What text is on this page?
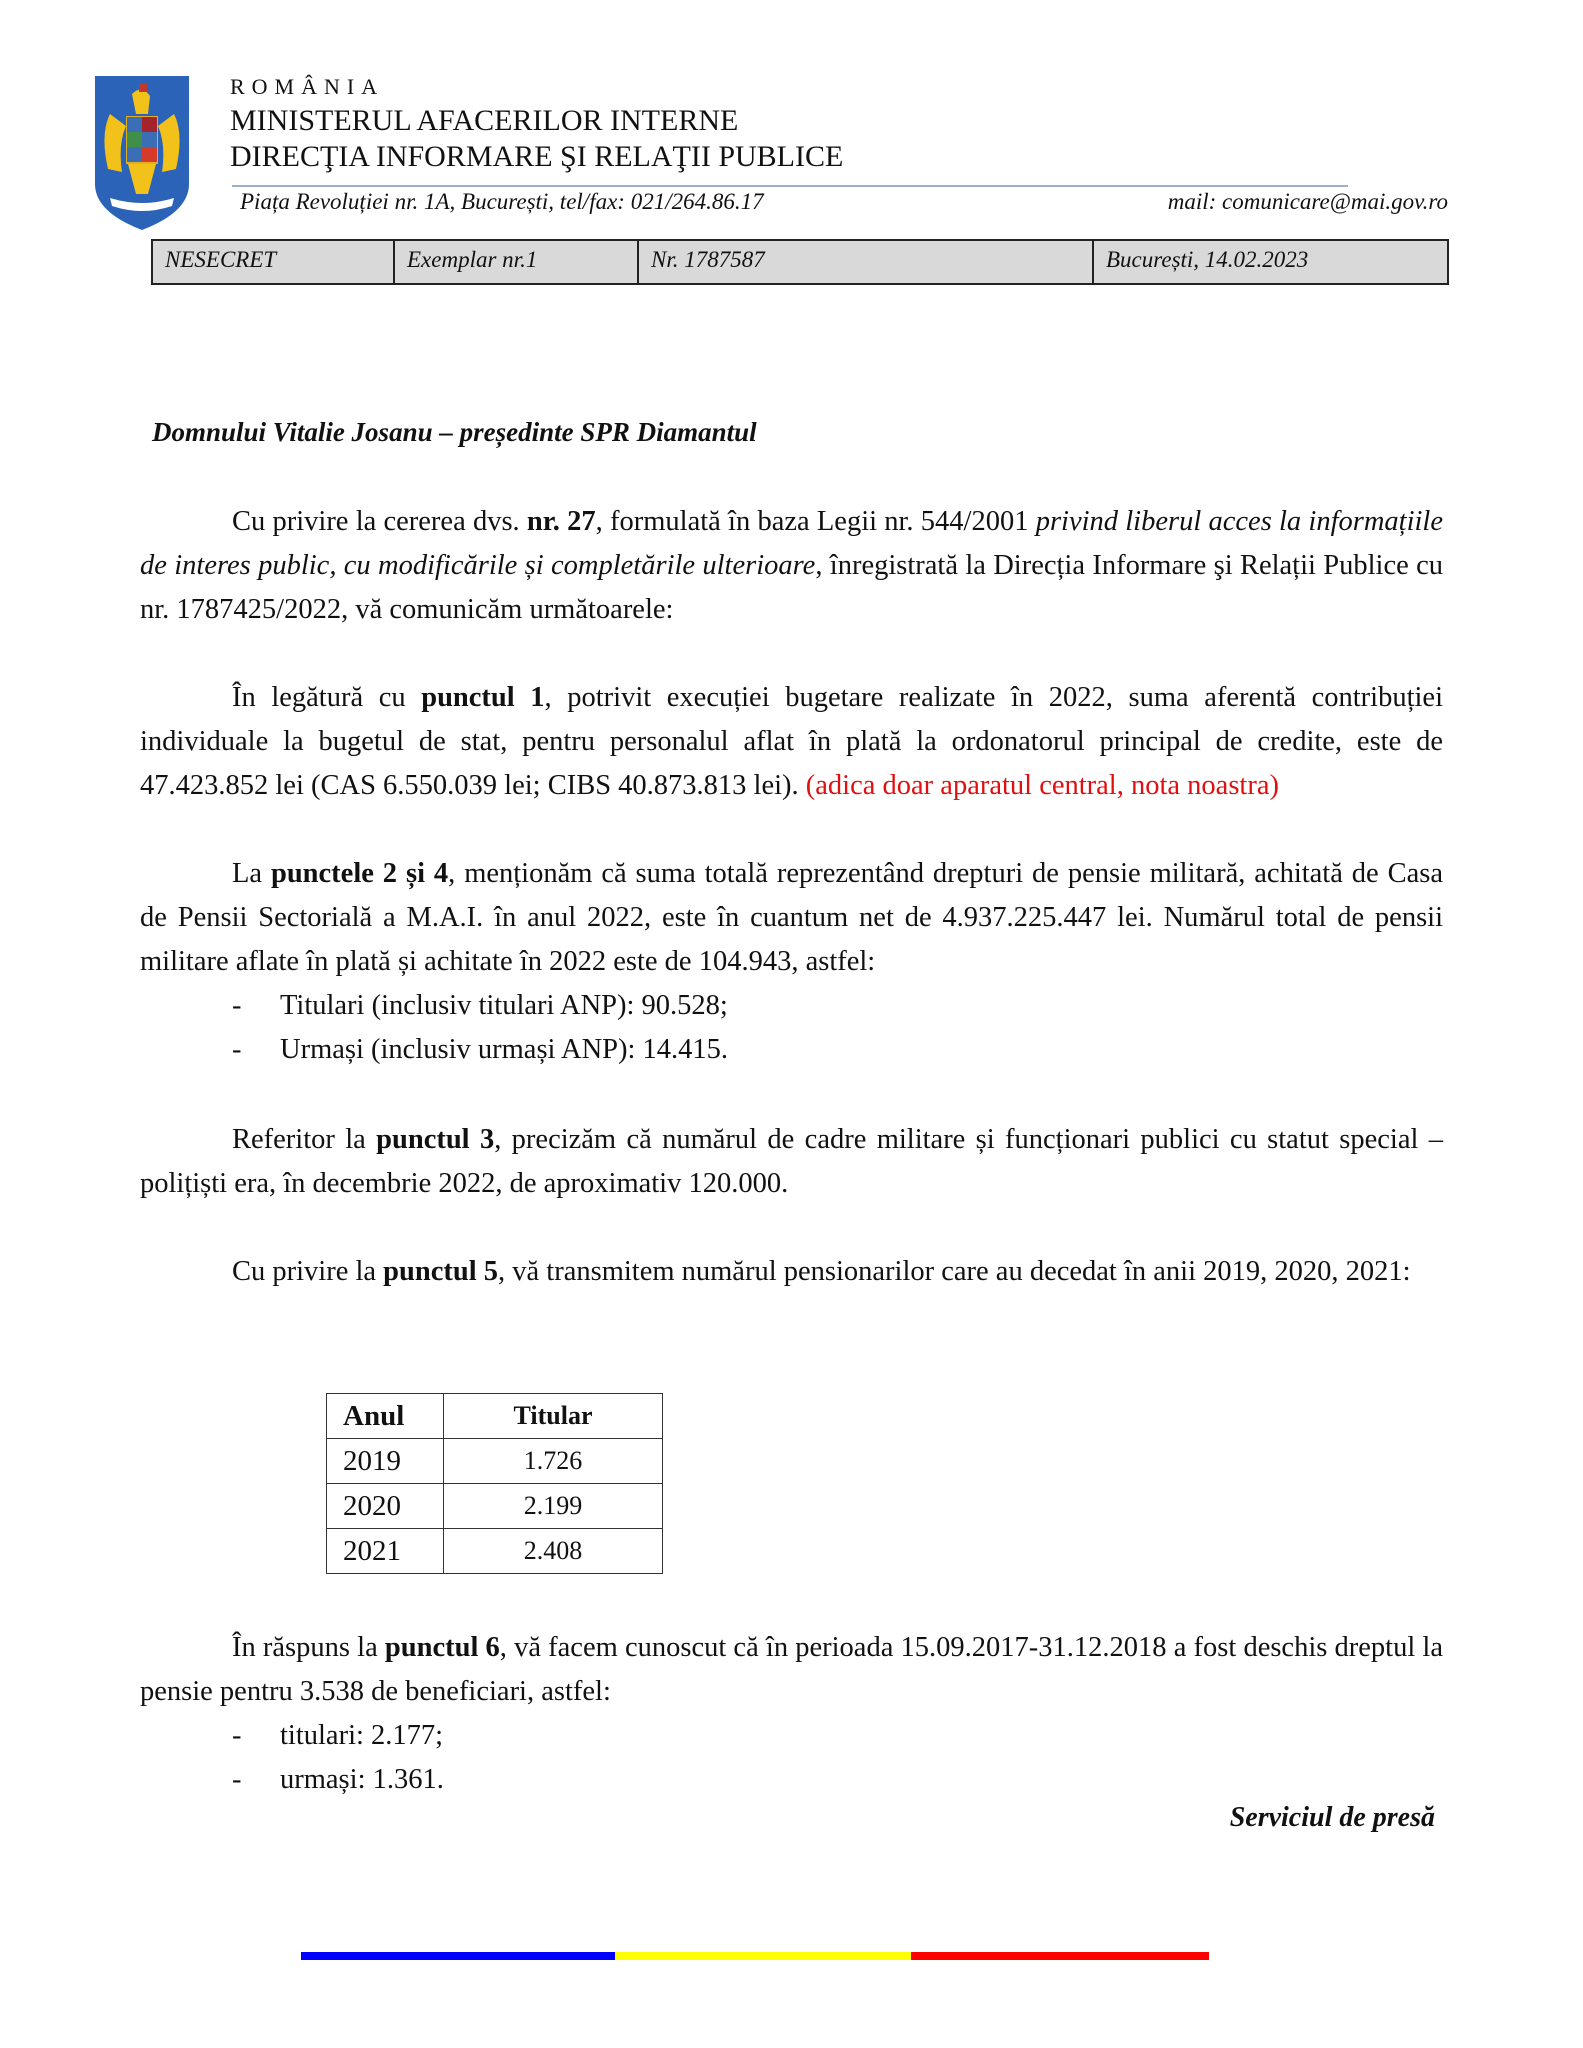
ROMÂNIA
MINISTERUL AFACERILOR INTERNE
DIRECŢIA INFORMARE ŞI RELAŢII PUBLICE
Piața Revoluției nr. 1A, București, tel/fax: 021/264.86.17	mail: comunicare@mai.gov.ro
NESECRET	Exemplar nr.1	Nr. 1787587	București, 14.02.2023
Domnului Vitalie Josanu – președinte SPR Diamantul

Cu privire la cererea dvs. nr. 27, formulată în baza Legii nr. 544/2001 privind liberul acces la informațiile de interes public, cu modificările și completările ulterioare, înregistrată la Direcția Informare şi Relații Publice cu nr. 1787425/2022, vă comunicăm următoarele:

În legătură cu punctul 1, potrivit execuției bugetare realizate în 2022, suma aferentă contribuției individuale la bugetul de stat, pentru personalul aflat în plată la ordonatorul principal de credite, este de 47.423.852 lei (CAS 6.550.039 lei; CIBS 40.873.813 lei). (adica doar aparatul central, nota noastra)

La punctele 2 și 4, menționăm că suma totală reprezentând drepturi de pensie militară, achitată de Casa de Pensii Sectorială a M.A.I. în anul 2022, este în cuantum net de 4.937.225.447 lei. Numărul total de pensii militare aflate în plată și achitate în 2022 este de 104.943, astfel:

- Titulari (inclusiv titulari ANP): 90.528;
- Urmași (inclusiv urmași ANP): 14.415.

Referitor la punctul 3, precizăm că numărul de cadre militare și funcționari publici cu statut special – polițiști era, în decembrie 2022, de aproximativ 120.000.

Cu privire la punctul 5, vă transmitem numărul pensionarilor care au decedat în anii 2019, 2020, 2021:

Anul	Titular
2019	1.726
2020	2.199
2021	2.408

În răspuns la punctul 6, vă facem cunoscut că în perioada 15.09.2017-31.12.2018 a fost deschis dreptul la pensie pentru 3.538 de beneficiari, astfel:

- titulari: 2.177;
- urmași: 1.361.
Serviciul de presă
